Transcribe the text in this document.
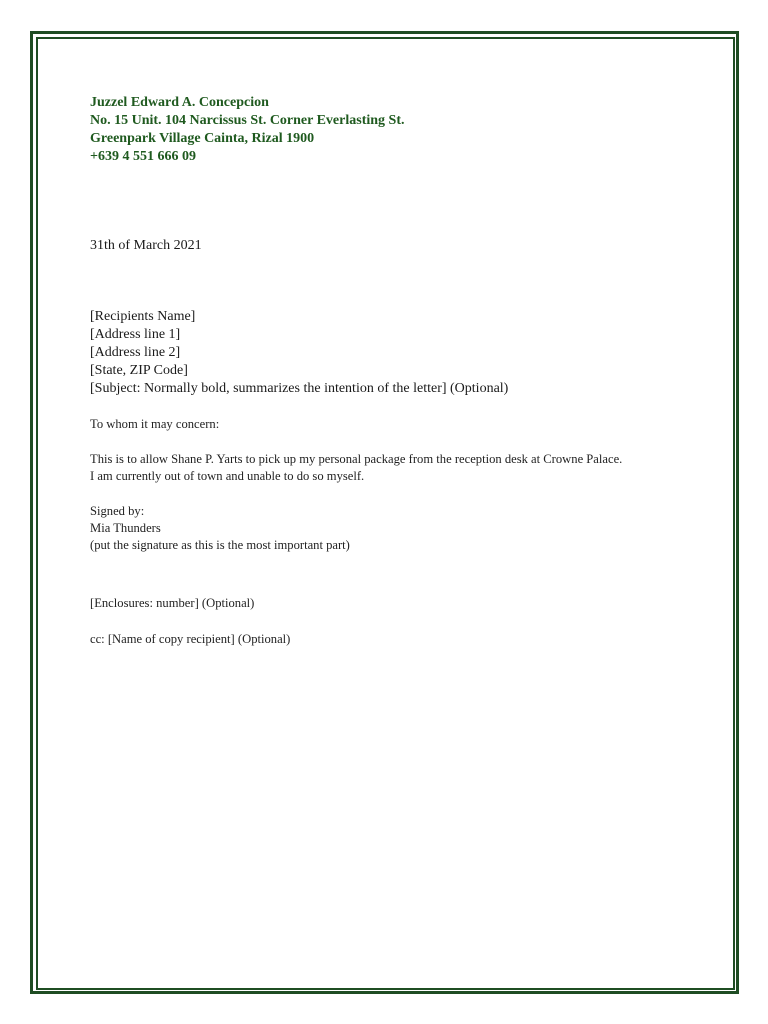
Juzzel Edward A. Concepcion
No. 15 Unit. 104 Narcissus St. Corner Everlasting St.
Greenpark Village Cainta, Rizal 1900
+639 4 551 666 09
31th of March 2021
[Recipients Name]
[Address line 1]
[Address line 2]
[State, ZIP Code]
[Subject: Normally bold, summarizes the intention of the letter] (Optional)
To whom it may concern:
This is to allow Shane P. Yarts to pick up my personal package from the reception desk at Crowne Palace.
I am currently out of town and unable to do so myself.
Signed by:
Mia Thunders
(put the signature as this is the most important part)
[Enclosures: number] (Optional)
cc: [Name of copy recipient] (Optional)
